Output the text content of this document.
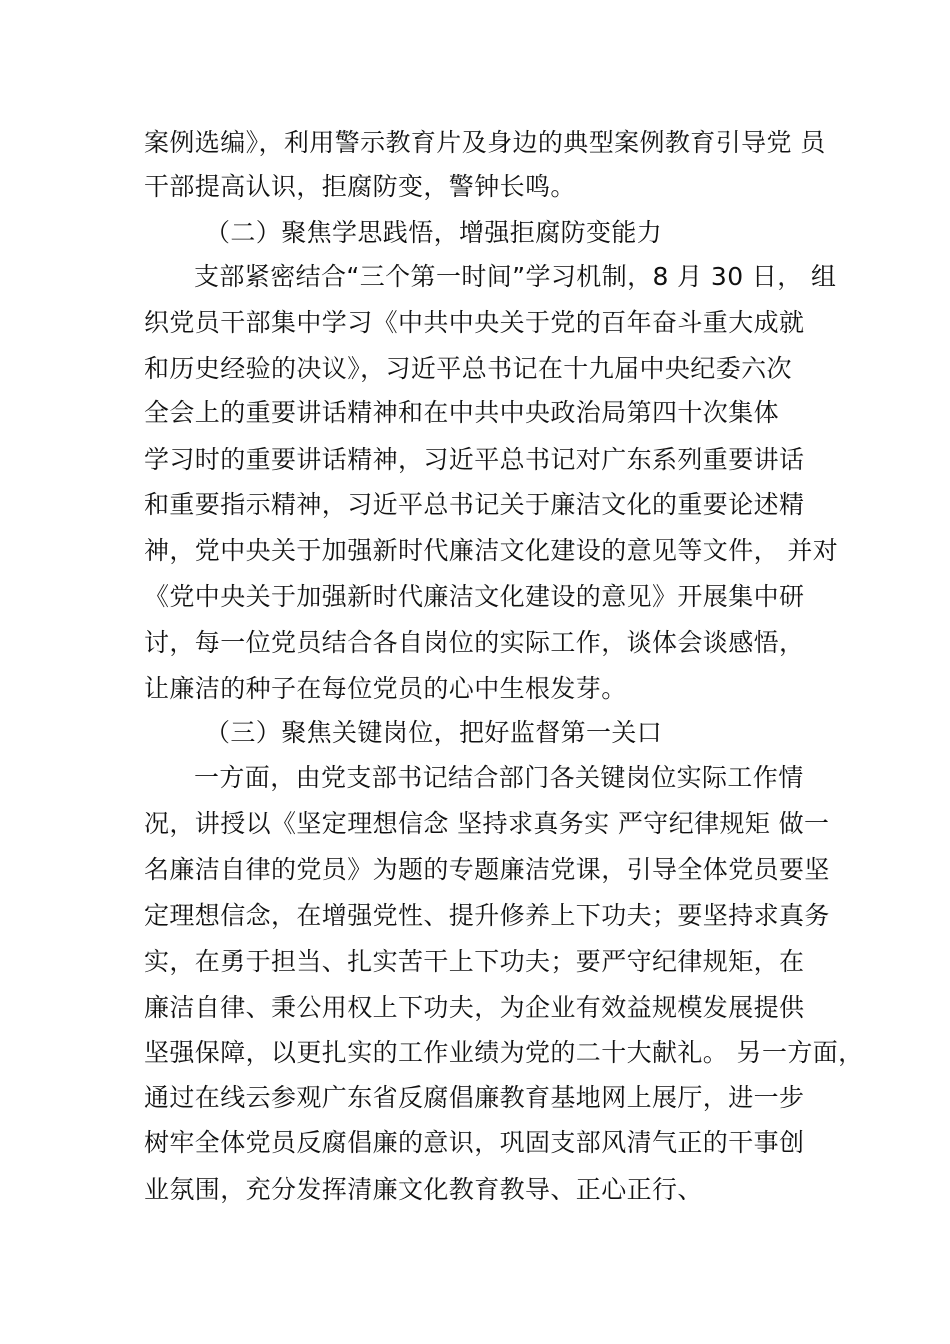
案例选编》，利用警示教育片及身边的典型案例教育引导党 员
干部提高认识，拒腐防变，警钟长鸣。
（二）聚焦学思践悟，增强拒腐防变能力
支部紧密结合“三个第一时间”学习机制，8 月 30 日， 组
织党员干部集中学习《中共中央关于党的百年奋斗重大成就
和历史经验的决议》，习近平总书记在十九届中央纪委六次
全会上的重要讲话精神和在中共中央政治局第四十次集体
学习时的重要讲话精神，习近平总书记对广东系列重要讲话
和重要指示精神，习近平总书记关于廉洁文化的重要论述精
神，党中央关于加强新时代廉洁文化建设的意见等文件， 并对
《党中央关于加强新时代廉洁文化建设的意见》开展集中研
讨，每一位党员结合各自岗位的实际工作，谈体会谈感悟，
让廉洁的种子在每位党员的心中生根发芽。
（三）聚焦关键岗位，把好监督第一关口
一方面，由党支部书记结合部门各关键岗位实际工作情
况，讲授以《坚定理想信念 坚持求真务实 严守纪律规矩 做一
名廉洁自律的党员》为题的专题廉洁党课，引导全体党员要坚
定理想信念，在增强党性、提升修养上下功夫；要坚持求真务
实，在勇于担当、扎实苦干上下功夫；要严守纪律规矩，在
廉洁自律、秉公用权上下功夫，为企业有效益规模发展提供
坚强保障，以更扎实的工作业绩为党的二十大献礼。 另一方面，
通过在线云参观广东省反腐倡廉教育基地网上展厅，进一步
树牢全体党员反腐倡廉的意识，巩固支部风清气正的干事创
业氛围，充分发挥清廉文化教育教导、正心正行、
